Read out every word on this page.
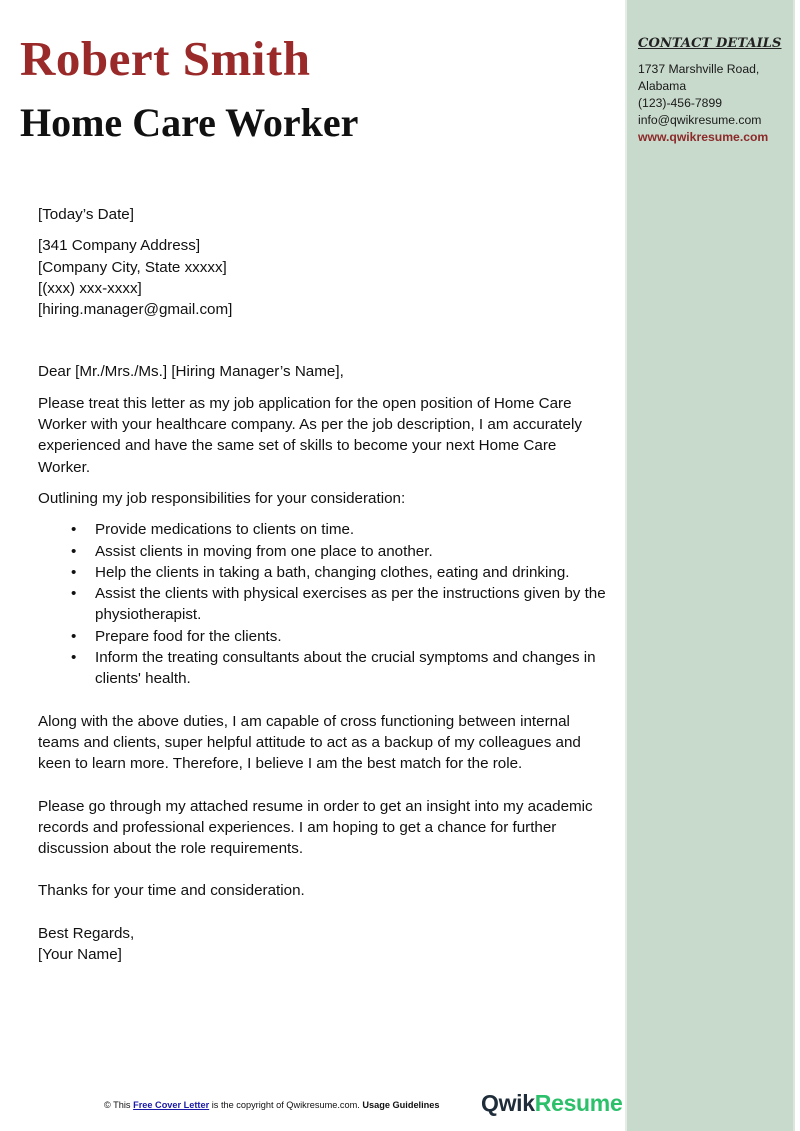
CONTACT DETAILS
1737 Marshville Road,
Alabama
(123)-456-7899
info@qwikresume.com
www.qwikresume.com
Robert Smith
Home Care Worker

[Today’s Date]

[341 Company Address]

[Company City, State xxxxx]

[(xxx) xxx-xxxx]

[hiring.manager@gmail.com]

Dear [Mr./Mrs./Ms.] [Hiring Manager’s Name],

Please treat this letter as my job application for the open position of Home Care Worker with your healthcare company. As per the job description, I am accurately experienced and have the same set of skills to become your next Home Care Worker.

Outlining my job responsibilities for your consideration:

• Provide medications to clients on time.
• Assist clients in moving from one place to another.
• Help the clients in taking a bath, changing clothes, eating and drinking.
• Assist the clients with physical exercises as per the instructions given by the physiotherapist.
• Prepare food for the clients.
• Inform the treating consultants about the crucial symptoms and changes in clients' health.

Along with the above duties, I am capable of cross functioning between internal teams and clients, super helpful attitude to act as a backup of my colleagues and keen to learn more. Therefore, I believe I am the best match for the role.

Please go through my attached resume in order to get an insight into my academic records and professional experiences. I am hoping to get a chance for further discussion about the role requirements.

Thanks for your time and consideration.

Best Regards,

[Your Name]

© This Free Cover Letter is the copyright of Qwikresume.com. Usage Guidelines QwikResume
